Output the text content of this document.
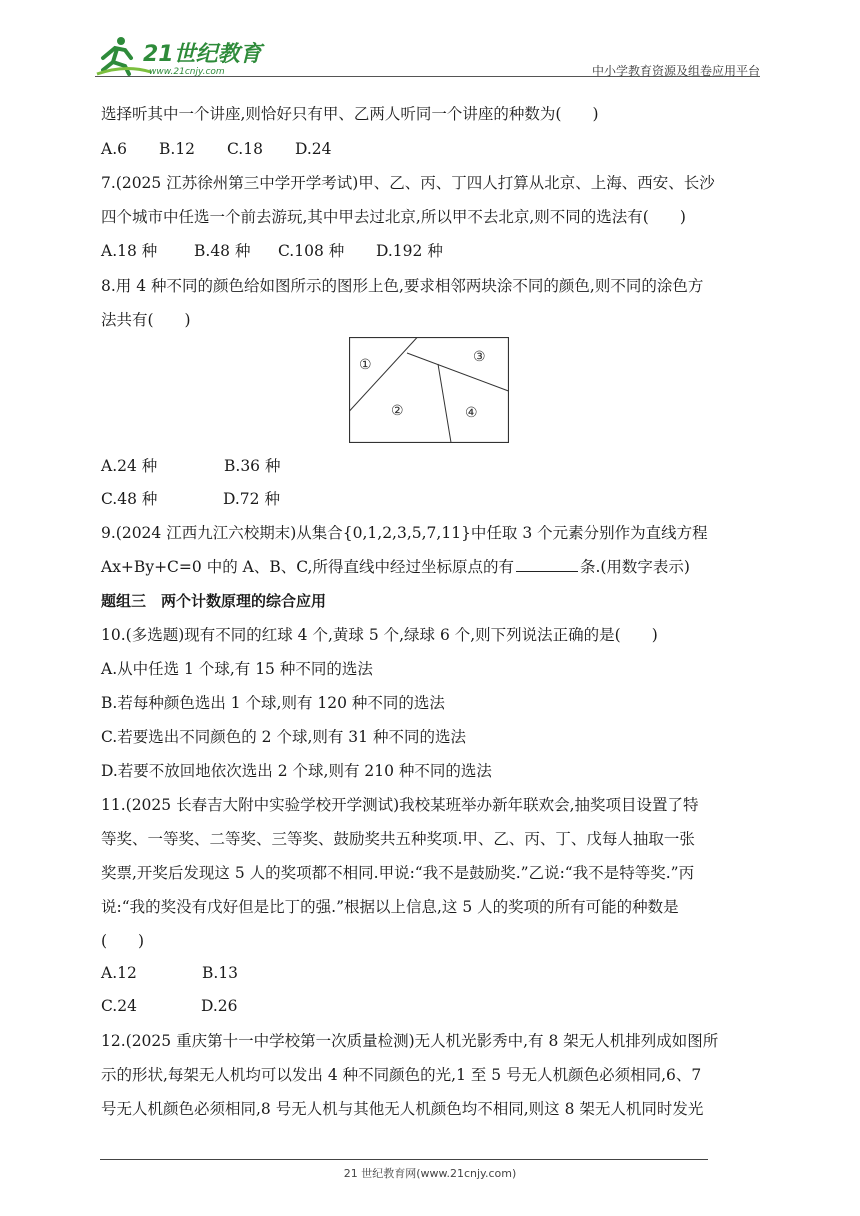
21世纪教育
www.21cnjy.com	中小学教育资源及组卷应用平台
选择听其中一个讲座,则恰好只有甲、乙两人听同一个讲座的种数为(　　)
A.6 B.12 C.18 D.24
7.(2025 江苏徐州第三中学开学考试)甲、乙、丙、丁四人打算从北京、上海、西安、长沙
四个城市中任选一个前去游玩,其中甲去过北京,所以甲不去北京,则不同的选法有(　　)
A.18 种 B.48 种 C.108 种 D.192 种
8.用 4 种不同的颜色给如图所示的图形上色,要求相邻两块涂不同的颜色,则不同的涂色方
法共有(　　)
①
②
③
④
A.24 种	B.36 种
C.48 种	D.72 种
9.(2024 江西九江六校期末)从集合{0,1,2,3,5,7,11}中任取 3 个元素分别作为直线方程
Ax+By+C=0 中的 A、B、C,所得直线中经过坐标原点的有	条.(用数字表示)
题组三　两个计数原理的综合应用
10.(多选题)现有不同的红球 4 个,黄球 5 个,绿球 6 个,则下列说法正确的是(　　)
A.从中任选 1 个球,有 15 种不同的选法
B.若每种颜色选出 1 个球,则有 120 种不同的选法
C.若要选出不同颜色的 2 个球,则有 31 种不同的选法
D.若要不放回地依次选出 2 个球,则有 210 种不同的选法
11.(2025 长春吉大附中实验学校开学测试)我校某班举办新年联欢会,抽奖项目设置了特
等奖、一等奖、二等奖、三等奖、鼓励奖共五种奖项.甲、乙、丙、丁、戊每人抽取一张
奖票,开奖后发现这 5 人的奖项都不相同.甲说:“我不是鼓励奖.”乙说:“我不是特等奖.”丙
说:“我的奖没有戊好但是比丁的强.”根据以上信息,这 5 人的奖项的所有可能的种数是
(　　)
A.12	B.13
C.24	D.26
12.(2025 重庆第十一中学校第一次质量检测)无人机光影秀中,有 8 架无人机排列成如图所
示的形状,每架无人机均可以发出 4 种不同颜色的光,1 至 5 号无人机颜色必须相同,6、7
号无人机颜色必须相同,8 号无人机与其他无人机颜色均不相同,则这 8 架无人机同时发光
21 世纪教育网(www.21cnjy.com)
